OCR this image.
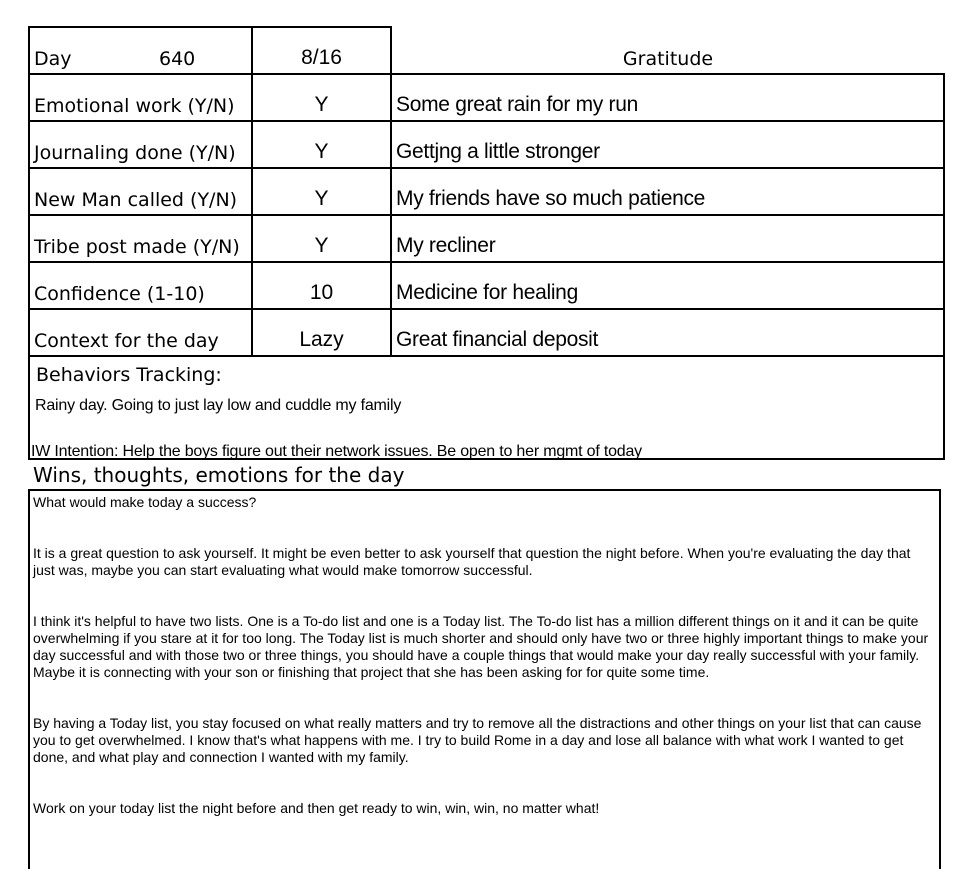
Day 640	8/16	Gratitude
Emotional work (Y/N)	Y	Some great rain for my run
Journaling done (Y/N)	Y	Gettjng a little stronger
New Man called (Y/N)	Y	My friends have so much patience
Tribe post made (Y/N)	Y	My recliner
Confidence (1-10)	10	Medicine for healing
Context for the day	Lazy	Great financial deposit
Behaviors Tracking:
Rainy day. Going to just lay low and cuddle my family
IW Intention: Help the boys figure out their network issues. Be open to her mgmt of today
Wins, thoughts, emotions for the day

What would make today a success?

It is a great question to ask yourself. It might be even better to ask yourself that question the night before. When you're evaluating the day that just was, maybe you can start evaluating what would make tomorrow successful.

I think it's helpful to have two lists. One is a To-do list and one is a Today list. The To-do list has a million different things on it and it can be quite overwhelming if you stare at it for too long. The Today list is much shorter and should only have two or three highly important things to make your day successful and with those two or three things, you should have a couple things that would make your day really successful with your family. Maybe it is connecting with your son or finishing that project that she has been asking for for quite some time.

By having a Today list, you stay focused on what really matters and try to remove all the distractions and other things on your list that can cause you to get overwhelmed. I know that's what happens with me. I try to build Rome in a day and lose all balance with what work I wanted to get done, and what play and connection I wanted with my family.

Work on your today list the night before and then get ready to win, win, win, no matter what!
